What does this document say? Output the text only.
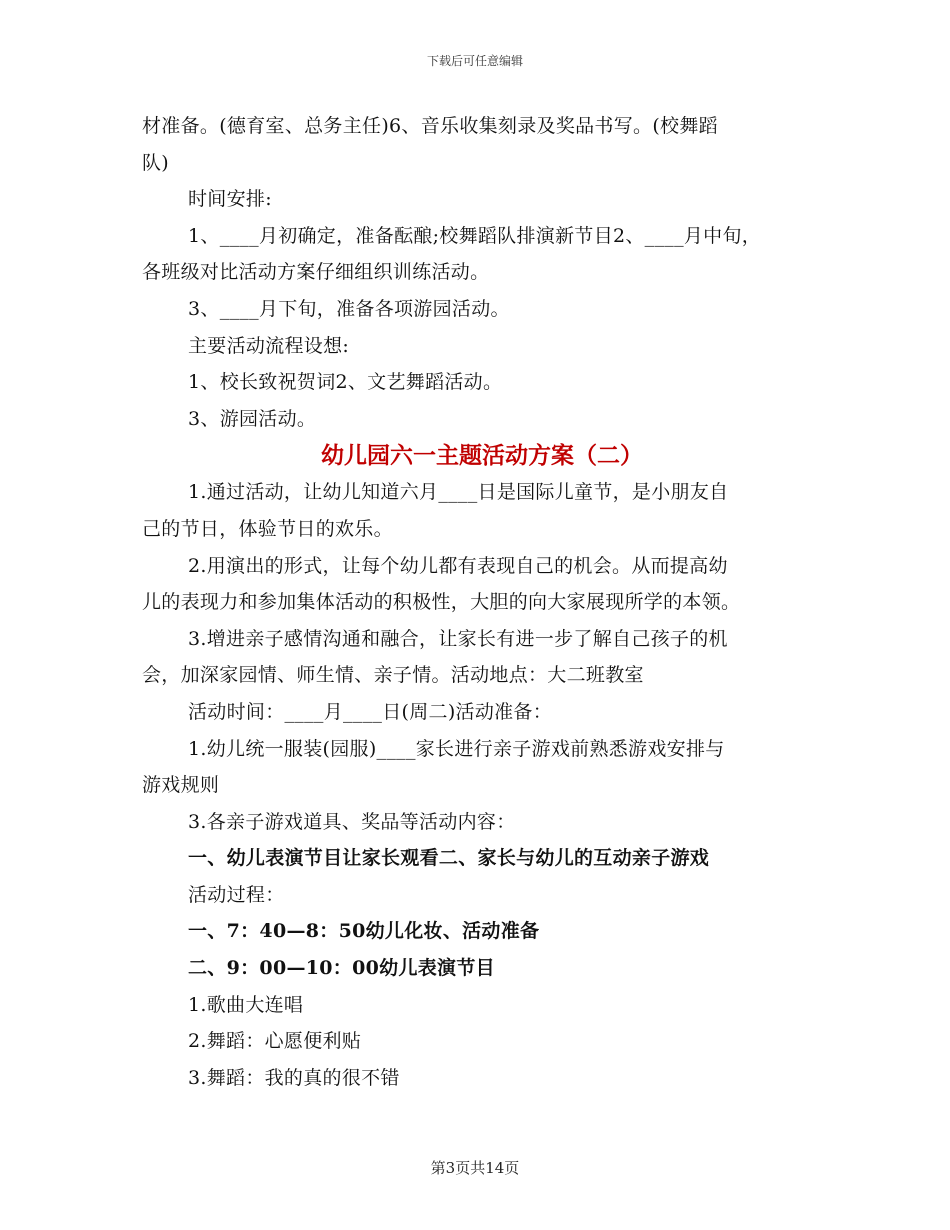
下载后可任意编辑
材准备。(德育室、总务主任)6、音乐收集刻录及奖品书写。(校舞蹈
队)
时间安排:
1、____月初确定，准备酝酿;校舞蹈队排演新节目2、____月中旬，
各班级对比活动方案仔细组织训练活动。
3、____月下旬，准备各项游园活动。
主要活动流程设想:
1、校长致祝贺词2、文艺舞蹈活动。
3、游园活动。
幼儿园六一主题活动方案（二）
1.通过活动，让幼儿知道六月____日是国际儿童节，是小朋友自
己的节日，体验节日的欢乐。
2.用演出的形式，让每个幼儿都有表现自己的机会。从而提高幼
儿的表现力和参加集体活动的积极性，大胆的向大家展现所学的本领。
3.增进亲子感情沟通和融合，让家长有进一步了解自己孩子的机
会，加深家园情、师生情、亲子情。活动地点：大二班教室
活动时间：____月____日(周二)活动准备：
1.幼儿统一服装(园服)____家长进行亲子游戏前熟悉游戏安排与
游戏规则
3.各亲子游戏道具、奖品等活动内容：
一、幼儿表演节目让家长观看二、家长与幼儿的互动亲子游戏
活动过程：
一、7：40—8：50幼儿化妆、活动准备
二、9：00—10：00幼儿表演节目
1.歌曲大连唱
2.舞蹈：心愿便利贴
3.舞蹈：我的真的很不错
第3页共14页
